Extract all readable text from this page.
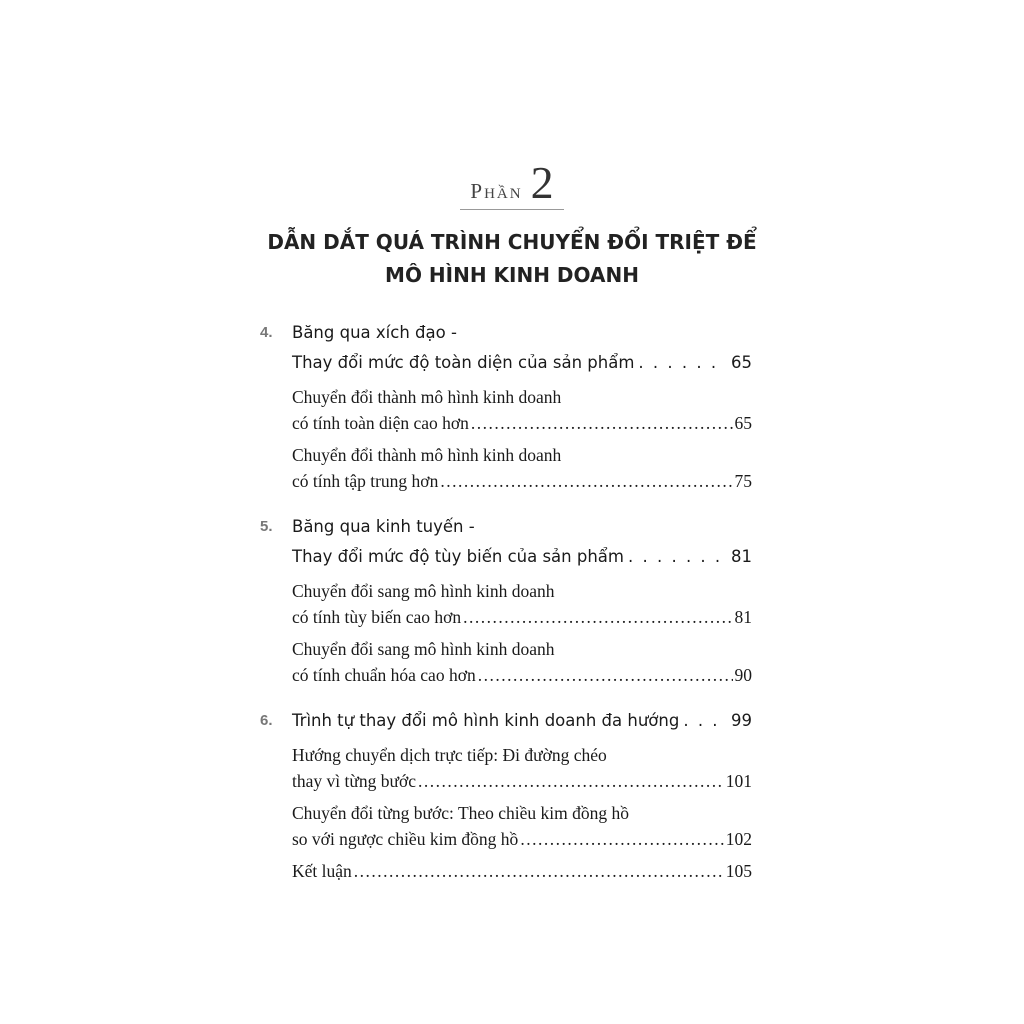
Phần 2
DẪN DẮT QUÁ TRÌNH CHUYỂN ĐỔI TRIỆT ĐỂ
MÔ HÌNH KINH DOANH
4.	Băng qua xích đạo -
Thay đổi mức độ toàn diện của sản phẩm . . .	65
Chuyển đổi thành mô hình kinh doanh
có tính toàn diện cao hơn .....	65
Chuyển đổi thành mô hình kinh doanh
có tính tập trung hơn .....	75
5.	Băng qua kinh tuyến -
Thay đổi mức độ tùy biến của sản phẩm . . .	81
Chuyển đổi sang mô hình kinh doanh
có tính tùy biến cao hơn .....	81
Chuyển đổi sang mô hình kinh doanh
có tính chuẩn hóa cao hơn .....	90
6.	Trình tự thay đổi mô hình kinh doanh đa hướng . . .	99
Hướng chuyển dịch trực tiếp: Đi đường chéo
thay vì từng bước .....	101
Chuyển đổi từng bước: Theo chiều kim đồng hồ
so với ngược chiều kim đồng hồ .....	102
Kết luận .....	105
